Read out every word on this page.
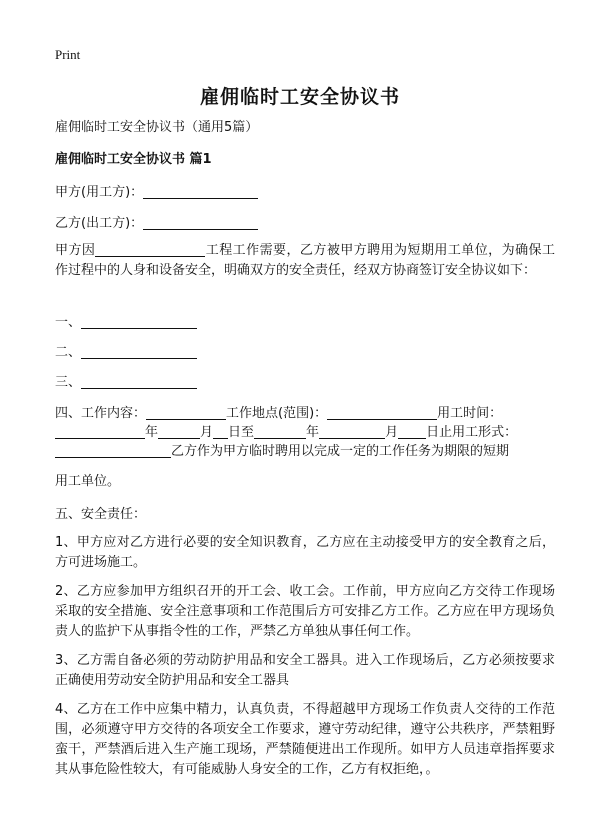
Print
雇佣临时工安全协议书
雇佣临时工安全协议书（通用5篇）
雇佣临时工安全协议书 篇1
甲方(用工方)：
乙方(出工方)：
甲方因	工程工作需要，乙方被甲方聘用为短期用工单位，为确保工作过程中的人身和设备安全，明确双方的安全责任，经双方协商签订安全协议如下：
一、
二、
三、
四、工作内容：	工作地点(范围)：	用工时间：
年	月 日至	年	月 日止用工形式：
乙方作为甲方临时聘用以完成一定的工作任务为期限的短期
用工单位。
五、安全责任：
1、甲方应对乙方进行必要的安全知识教育，乙方应在主动接受甲方的安全教育之后，方可进场施工。
2、乙方应参加甲方组织召开的开工会、收工会。工作前，甲方应向乙方交待工作现场采取的安全措施、安全注意事项和工作范围后方可安排乙方工作。乙方应在甲方现场负责人的监护下从事指令性的工作，严禁乙方单独从事任何工作。
3、乙方需自备必须的劳动防护用品和安全工器具。进入工作现场后，乙方必须按要求正确使用劳动安全防护用品和安全工器具
4、乙方在工作中应集中精力，认真负责，不得超越甲方现场工作负责人交待的工作范围，必须遵守甲方交待的各项安全工作要求，遵守劳动纪律，遵守公共秩序，严禁粗野蛮干，严禁酒后进入生产施工现场，严禁随便进出工作现所。如甲方人员违章指挥要求其从事危险性较大，有可能威胁人身安全的工作，乙方有权拒绝，。
